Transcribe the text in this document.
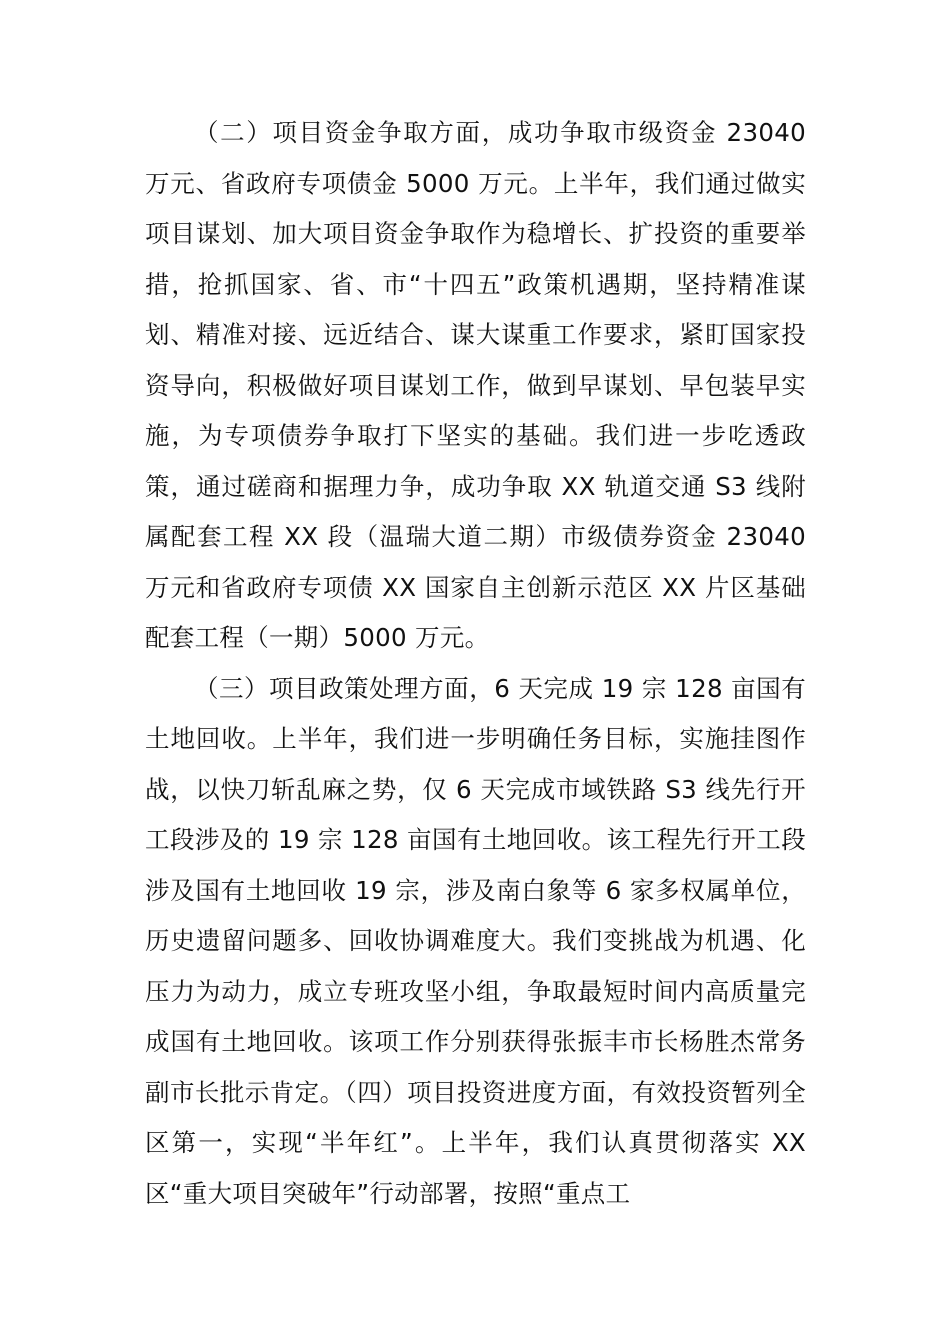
（二）项目资金争取方面，成功争取市级资金 23040 万元、省政府专项债金 5000 万元。上半年，我们通过做实项目谋划、加大项目资金争取作为稳增长、扩投资的重要举措，抢抓国家、省、市“十四五”政策机遇期，坚持精准谋划、精准对接、远近结合、谋大谋重工作要求，紧盯国家投资导向，积极做好项目谋划工作，做到早谋划、早包装早实施，为专项债券争取打下坚实的基础。我们进一步吃透政策，通过磋商和据理力争，成功争取 XX 轨道交通 S3 线附属配套工程 XX 段（温瑞大道二期）市级债券资金 23040 万元和省政府专项债 XX 国家自主创新示范区 XX 片区基础配套工程（一期）5000 万元。

（三）项目政策处理方面，6 天完成 19 宗 128 亩国有土地回收。上半年，我们进一步明确任务目标，实施挂图作战，以快刀斩乱麻之势，仅 6 天完成市域铁路 S3 线先行开工段涉及的 19 宗 128 亩国有土地回收。该工程先行开工段涉及国有土地回收 19 宗，涉及南白象等 6 家多权属单位，历史遗留问题多、回收协调难度大。我们变挑战为机遇、化压力为动力，成立专班攻坚小组，争取最短时间内高质量完成国有土地回收。该项工作分别获得张振丰市长杨胜杰常务副市长批示肯定。（四）项目投资进度方面，有效投资暂列全区第一，实现“半年红”。上半年，我们认真贯彻落实 XX 区“重大项目突破年”行动部署，按照“重点工
